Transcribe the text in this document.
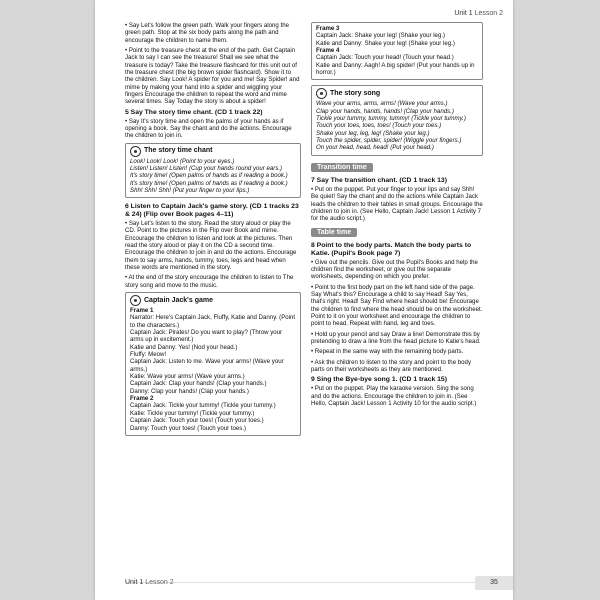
Unit 1 Lesson 2

• Say Let's follow the green path. Walk your fingers along the green path. Stop at the six body parts along the path and encourage the children to name them.

• Point to the treasure chest at the end of the path. Get Captain Jack to say I can see the treasure! Shall we see what the treasure is today? Take the treasure flashcard for this unit out of the treasure chest (the big brown spider flashcard). Show it to the children. Say Look! A spider for you and me! Say Spider! and mime by making your hand into a spider and wiggling your fingers Encourage the children to repeat the word and mime several times. Say Today the story is about a spider!

5 Say The story time chant. (CD 1 track 22)

• Say It's story time and open the palms of your hands as if opening a book. Say the chant and do the actions. Encourage the children to join in.

The story time chant
Look! Look! Look! (Point to your eyes.)
Listen! Listen! Listen! (Cup your hands round your ears.)
It's story time! (Open palms of hands as if reading a book.)
It's story time! (Open palms of hands as if reading a book.)
Shh! Shh! Shh! (Put your finger to your lips.)
6 Listen to Captain Jack's game story. (CD 1 tracks 23 & 24) (Flip over Book pages 4–11)

• Say Let's listen to the story. Read the story aloud or play the CD. Point to the pictures in the Flip over Book and mime. Encourage the children to listen and look at the pictures. Then read the story aloud or play it on the CD a second time. Encourage the children to join in and do the actions. Encourage them to say arms, hands, tummy, toes, legs and head when these words are mentioned in the story.

• At the end of the story encourage the children to listen to The story song and move to the music.

Captain Jack's game
Frame 1
Narrator: Here's Captain Jack, Fluffy, Katie and Danny. (Point to the characters.)
Captain Jack: Pirates! Do you want to play? (Throw your arms up in excitement.)
Katie and Danny: Yes! (Nod your head.)
Fluffy: Meow!
Captain Jack: Listen to me. Wave your arms! (Wave your arms.)
Katie: Wave your arms! (Wave your arms.)
Captain Jack: Clap your hands! (Clap your hands.)
Danny: Clap your hands! (Clap your hands.)
Frame 2
Captain Jack: Tickle your tummy! (Tickle your tummy.)
Katie: Tickle your tummy! (Tickle your tummy.)
Captain Jack: Touch your toes! (Touch your toes.)
Danny: Touch your toes! (Touch your toes.)
Frame 3
Captain Jack: Shake your leg! (Shake your leg.)
Katie and Danny: Shake your leg! (Shake your leg.)
Frame 4
Captain Jack: Touch your head! (Touch your head.)
Katie and Danny: Aagh! A big spider! (Put your hands up in horror.)
The story song
Wave your arms, arms, arms! (Wave your arms.)
Clap your hands, hands, hands! (Clap your hands.)
Tickle your tummy, tummy, tummy! (Tickle your tummy.)
Touch your toes, toes, toes! (Touch your toes.)
Shake your leg, leg, leg! (Shake your leg.)
Touch the spider, spider, spider! (Wiggle your fingers.)
On your head, head, head! (Put your head.)
Transition time
7 Say The transition chant. (CD 1 track 13)

• Put on the puppet. Put your finger to your lips and say Shh! Be quiet! Say the chant and do the actions while Captain Jack leads the children to their tables in small groups. Encourage the children to join in. (See Hello, Captain Jack! Lesson 1 Activity 7 for the audio script.)

Table time
8 Point to the body parts. Match the body parts to Katie. (Pupil's Book page 7)

• Give out the pencils. Give out the Pupil's Books and help the children find the worksheet, or give out the separate worksheets, depending on which you prefer.

• Point to the first body part on the left hand side of the page. Say What's this? Encourage a child to say Head! Say Yes, that's right. Head! Say Find where head should be! Encourage the children to find where the head should be on the worksheet. Point to it on your worksheet and encourage the children to point to head. Repeat with hand, leg and toes.

• Hold up your pencil and say Draw a line! Demonstrate this by pretending to draw a line from the head picture to Katie's head.

• Repeat in the same way with the remaining body parts.

• Ask the children to listen to the story and point to the body parts on their worksheets as they are mentioned.

9 Sing the Bye-bye song 1. (CD 1 track 15)

• Put on the puppet. Play the karaoke version. Sing the song and do the actions. Encourage the children to join in. (See Hello, Captain Jack! Lesson 1 Activity 10 for the audio script.)

Unit 1 Lesson 2	35
